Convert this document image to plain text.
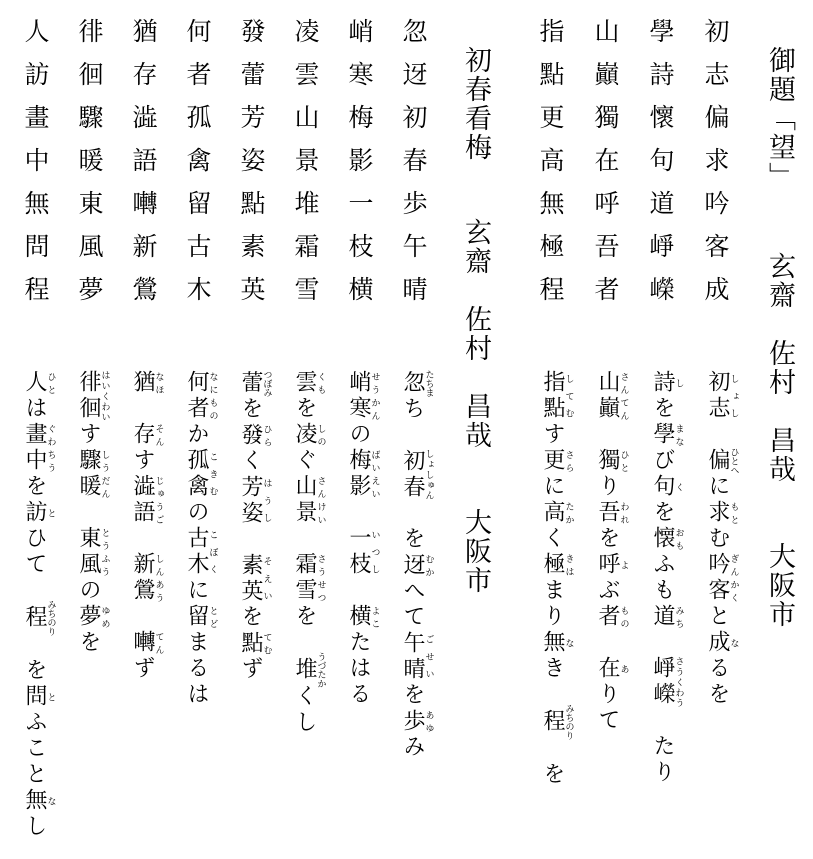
御題「望」
玄齋　佐村　昌哉　　大阪市
初志偏求吟客成
學詩懷句道崢嶸
山巓獨在呼吾者
指點更高無極程
初志しょし　偏ひとへに求もとむ吟客ぎんかくと成なるを
詩しを學まなび句くを懐おもふも道みち　崢嶸さうくわう　たり
山巓さんてん　獨ひとり吾われを呼よぶ者もの　在ありて
指點してむす更さらに高たかく極きはまり無なき　程みちのり　を
初春看梅
玄齋　佐村　昌哉　　大阪市
忽迓初春歩午晴
峭寒梅影一枝横
凌雲山景堆霜雪
發蕾芳姿點素英
何者孤禽留古木
猶存澁語囀新鶯
徘徊驟暖東風夢
人訪畫中無問程
忽たちまち　初春しょしゅん　を迓むかへて午晴ごせいを歩あゆみ
峭寒せうかんの梅影ばいえい　一枝いつし　横よこたはる
雲くもを凌しのぐ山景さんけい　霜雪さうせつを　堆うづたかくし
蕾つぼみを發ひらく芳姿はうし　素英そえいを點てむず
何者なにものか孤禽こきむの古木こぼくに留とどまるは
猶なほ　存そんす澁語じゅうご　新鶯しんあう　囀てんず
徘徊はいくわいす驟暖しうだん　東風とうふうの夢ゆめを
人ひとは畫中ぐわちうを訪とひて　程みちのり　を問とふこと無なし
